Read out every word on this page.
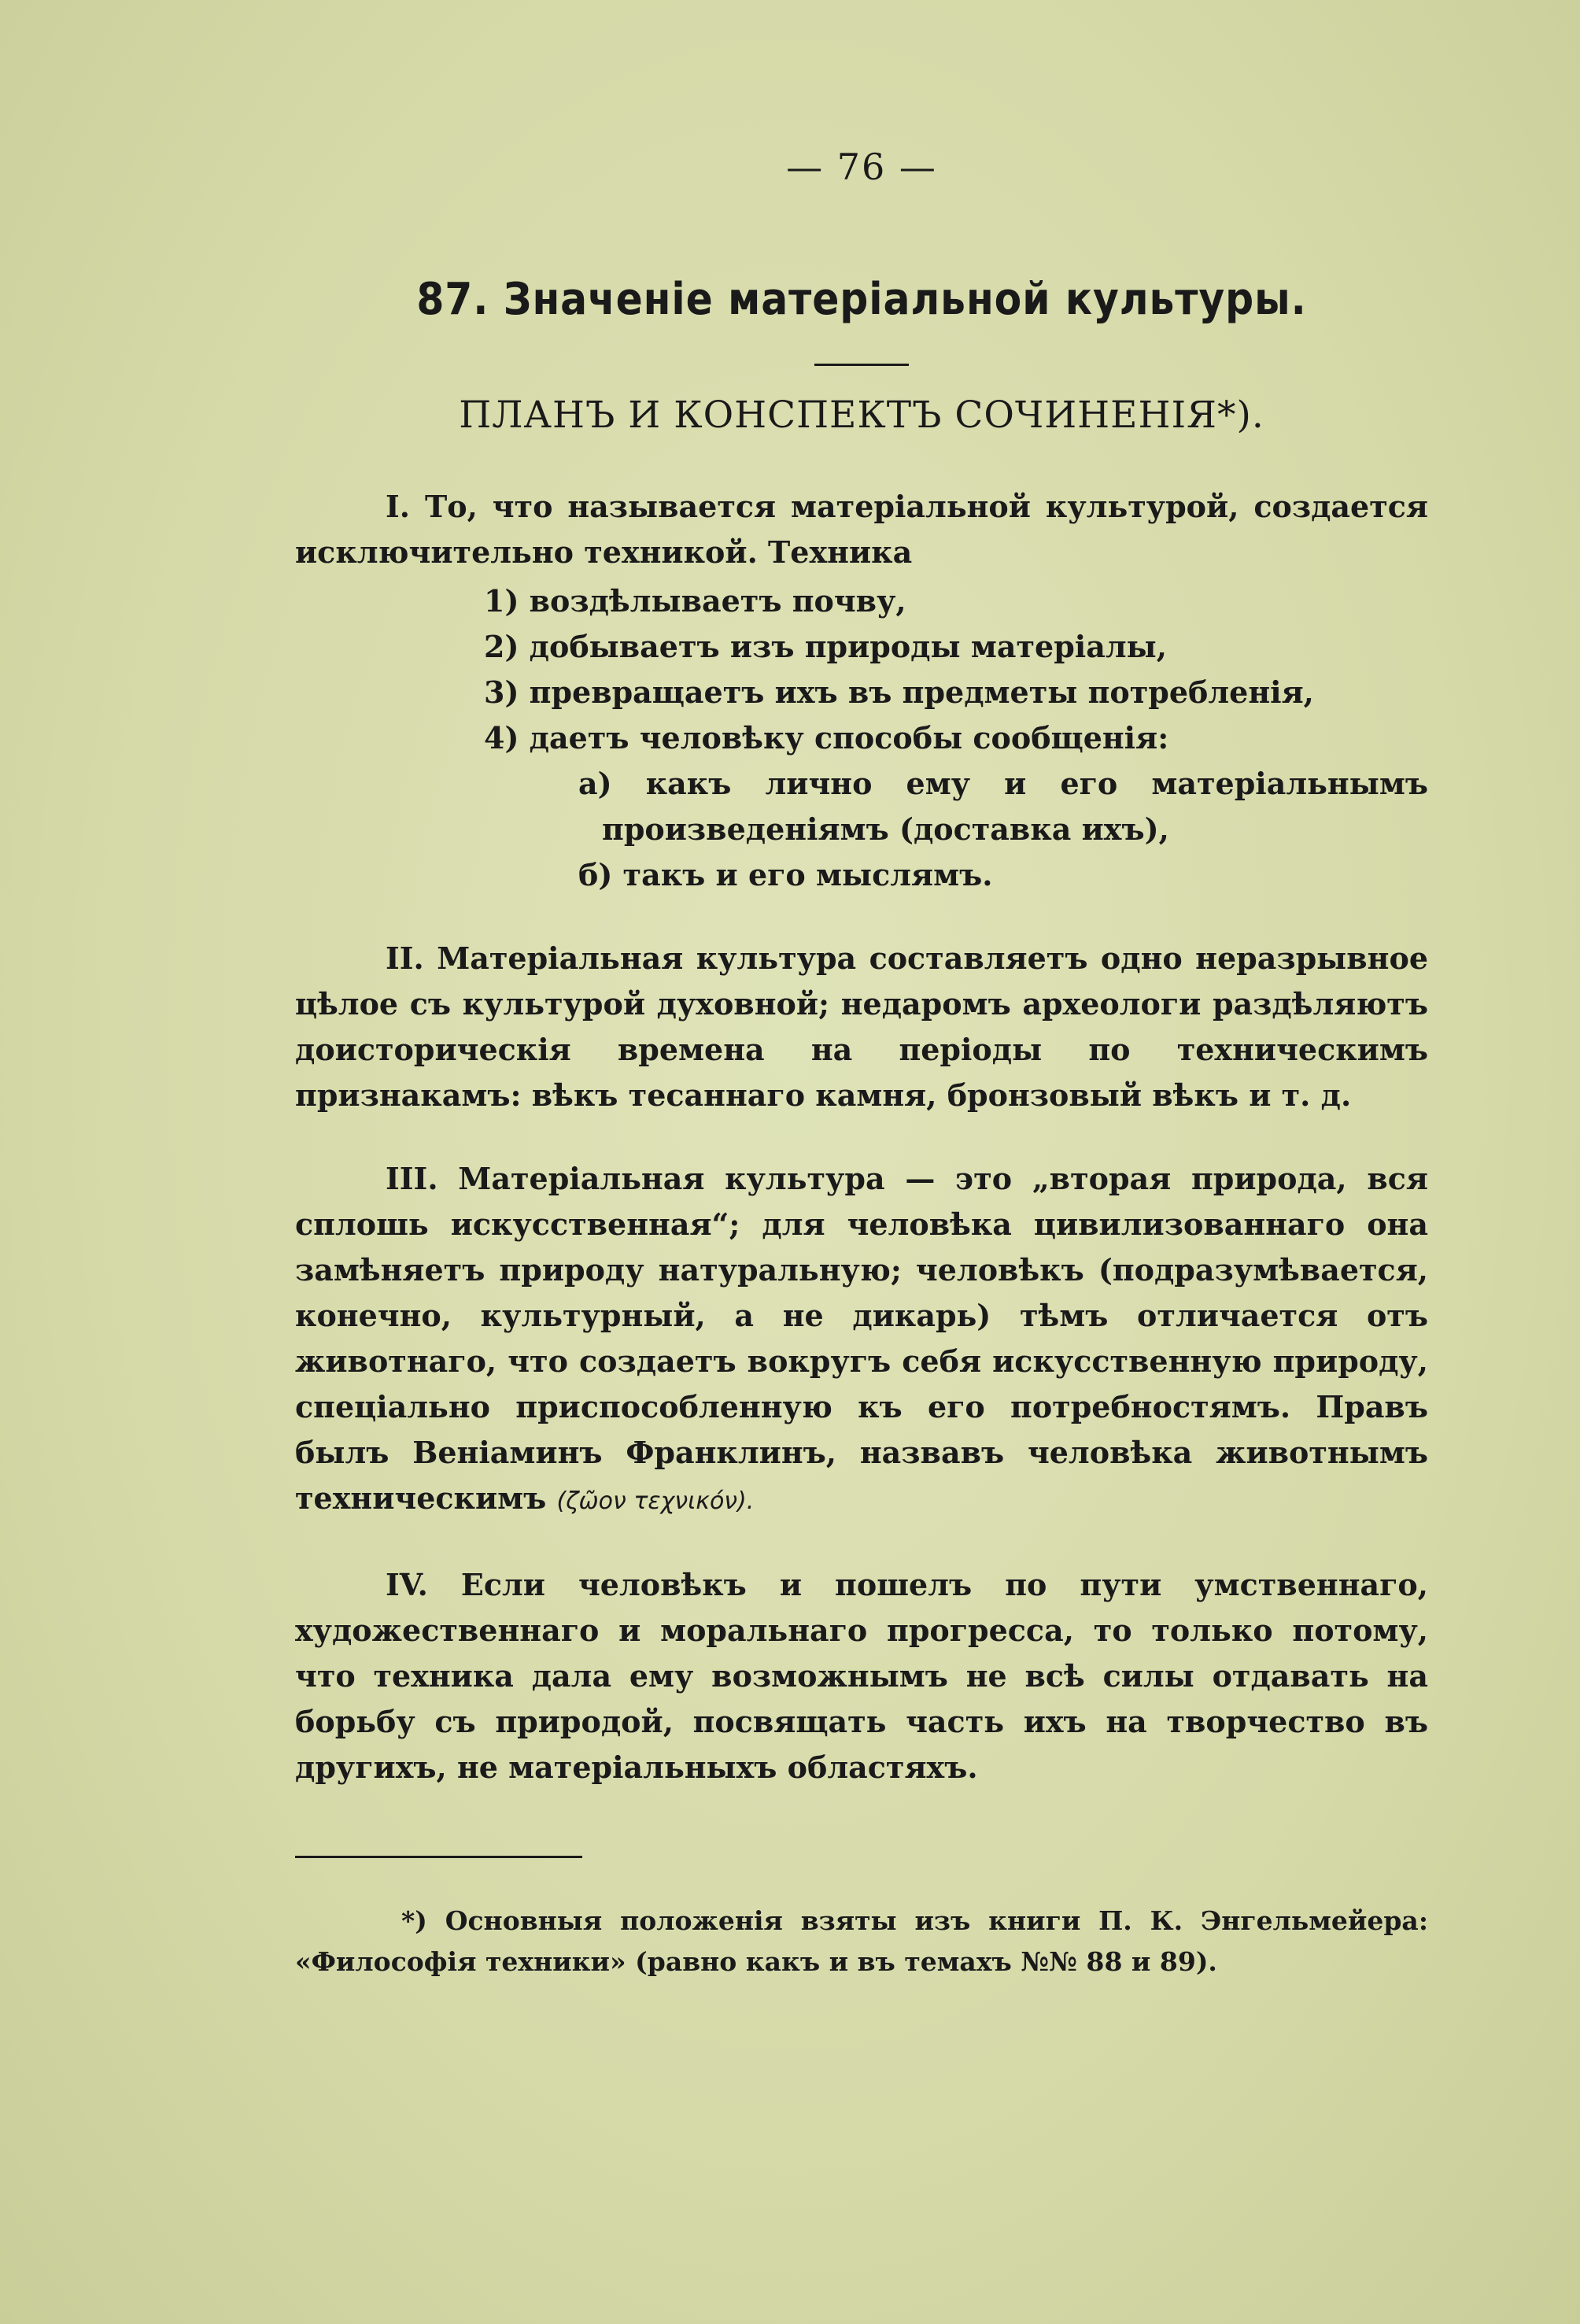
— 76 —
87. Значеніе матеріальной культуры.
ПЛАНЪ И КОНСПЕКТЪ СОЧИНЕНІЯ*).

I. То, что называется матеріальной культурой, создается исключительно техникой. Техника

1) воздѣлываетъ почву,
2) добываетъ изъ природы матеріалы,
3) превращаетъ ихъ въ предметы потребленія,
4) даетъ человѣку способы сообщенія:
а) какъ лично ему и его матеріальнымъ произведеніямъ (доставка ихъ),
б) такъ и его мыслямъ.

II. Матеріальная культура составляетъ одно неразрывное цѣлое съ культурой духовной; недаромъ археологи раздѣляютъ доисторическія времена на періоды по техническимъ признакамъ: вѣкъ тесаннаго камня, бронзовый вѣкъ и т. д.

III. Матеріальная культура — это „вторая природа, вся сплошь искусственная“; для человѣка цивилизованнаго она замѣняетъ природу натуральную; человѣкъ (подразумѣвается, конечно, культурный, а не дикарь) тѣмъ отличается отъ животнаго, что создаетъ вокругъ себя искусственную природу, спеціально приспособленную къ его потребностямъ. Правъ былъ Веніаминъ Франклинъ, назвавъ человѣка животнымъ техническимъ (ζῶον τεχνικόν).

IV. Если человѣкъ и пошелъ по пути умственнаго, художественнаго и моральнаго прогресса, то только потому, что техника дала ему возможнымъ не всѣ силы отдавать на борьбу съ природой, посвящать часть ихъ на творчество въ другихъ, не матеріальныхъ областяхъ.

*) Основныя положенія взяты изъ книги П. К. Энгельмейера: «Философія техники» (равно какъ и въ темахъ №№ 88 и 89).
